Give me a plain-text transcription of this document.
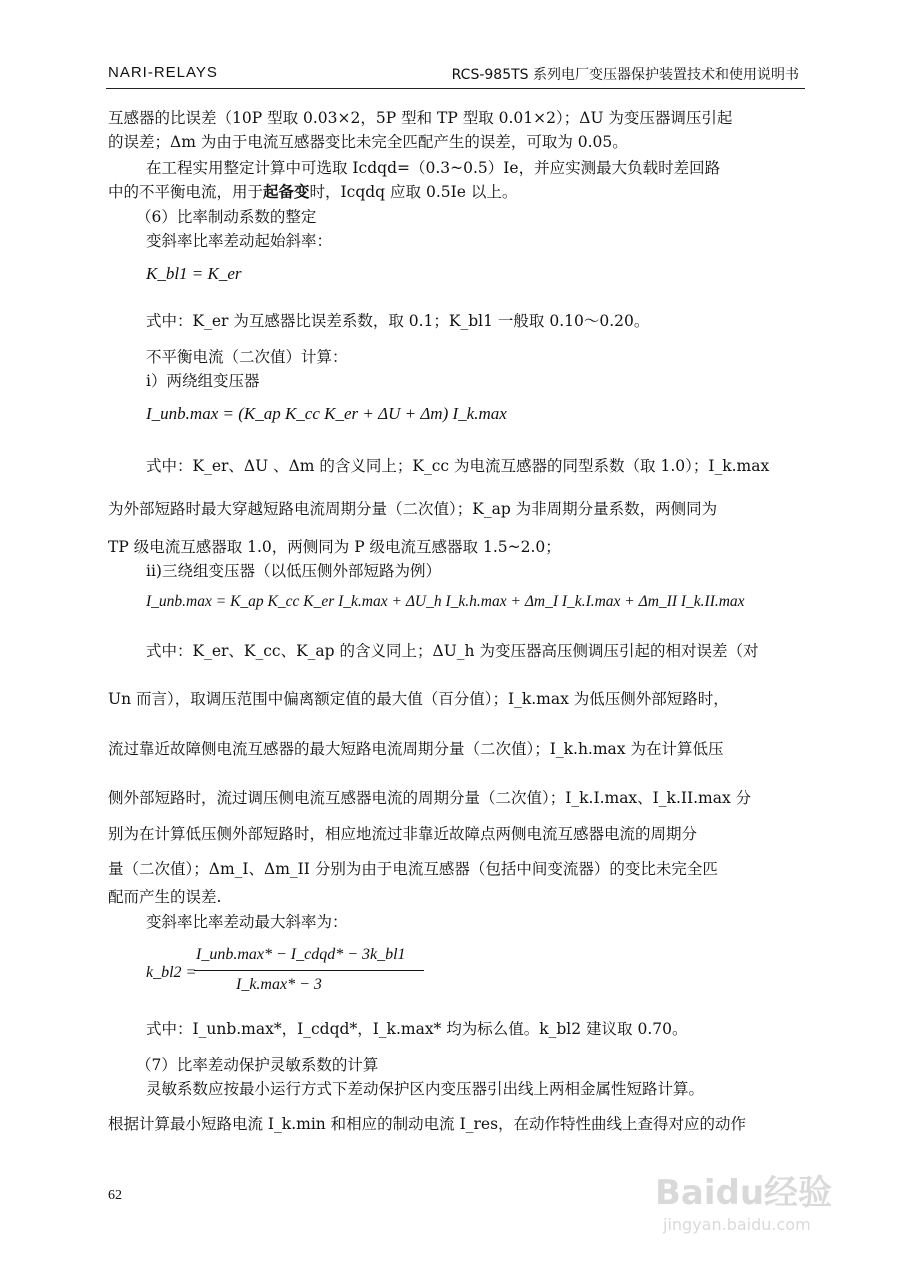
NARI-RELAYS	RCS-985TS 系列电厂变压器保护装置技术和使用说明书
互感器的比误差（10P 型取 0.03×2，5P 型和 TP 型取 0.01×2）；ΔU 为变压器调压引起
的误差；Δm 为由于电流互感器变比未完全匹配产生的误差，可取为 0.05。
在工程实用整定计算中可选取 Icdqd=（0.3~0.5）Ie，并应实测最大负载时差回路
中的不平衡电流，用于起备变时，Icqdq 应取 0.5Ie 以上。
（6）比率制动系数的整定
变斜率比率差动起始斜率：
K_bl1 = K_er
式中：K_er 为互感器比误差系数，取 0.1；K_bl1 一般取 0.10～0.20。
不平衡电流（二次值）计算：
i）两绕组变压器
I_unb.max = (K_ap K_cc K_er + ΔU + Δm) I_k.max
式中：K_er、ΔU 、Δm 的含义同上；K_cc 为电流互感器的同型系数（取 1.0）；I_k.max
为外部短路时最大穿越短路电流周期分量（二次值）；K_ap 为非周期分量系数，两侧同为
TP 级电流互感器取 1.0，两侧同为 P 级电流互感器取 1.5~2.0；
ii)三绕组变压器（以低压侧外部短路为例）
I_unb.max = K_ap K_cc K_er I_k.max + ΔU_h I_k.h.max + Δm_I I_k.I.max + Δm_II I_k.II.max
式中：K_er、K_cc、K_ap 的含义同上；ΔU_h 为变压器高压侧调压引起的相对误差（对
Un 而言），取调压范围中偏离额定值的最大值（百分值）；I_k.max 为低压侧外部短路时，
流过靠近故障侧电流互感器的最大短路电流周期分量（二次值）；I_k.h.max 为在计算低压
侧外部短路时，流过调压侧电流互感器电流的周期分量（二次值）；I_k.I.max、I_k.II.max 分
别为在计算低压侧外部短路时，相应地流过非靠近故障点两侧电流互感器电流的周期分
量（二次值）；Δm_I、Δm_II 分别为由于电流互感器（包括中间变流器）的变比未完全匹
配而产生的误差.
变斜率比率差动最大斜率为：
k_bl2 =
I_unb.max* − I_cdqd* − 3k_bl1
I_k.max* − 3
式中：I_unb.max*，I_cdqd*，I_k.max* 均为标么值。k_bl2 建议取 0.70。
（7）比率差动保护灵敏系数的计算
灵敏系数应按最小运行方式下差动保护区内变压器引出线上两相金属性短路计算。
根据计算最小短路电流 I_k.min 和相应的制动电流 I_res，在动作特性曲线上查得对应的动作
62	Baidu经验
jingyan.baidu.com
